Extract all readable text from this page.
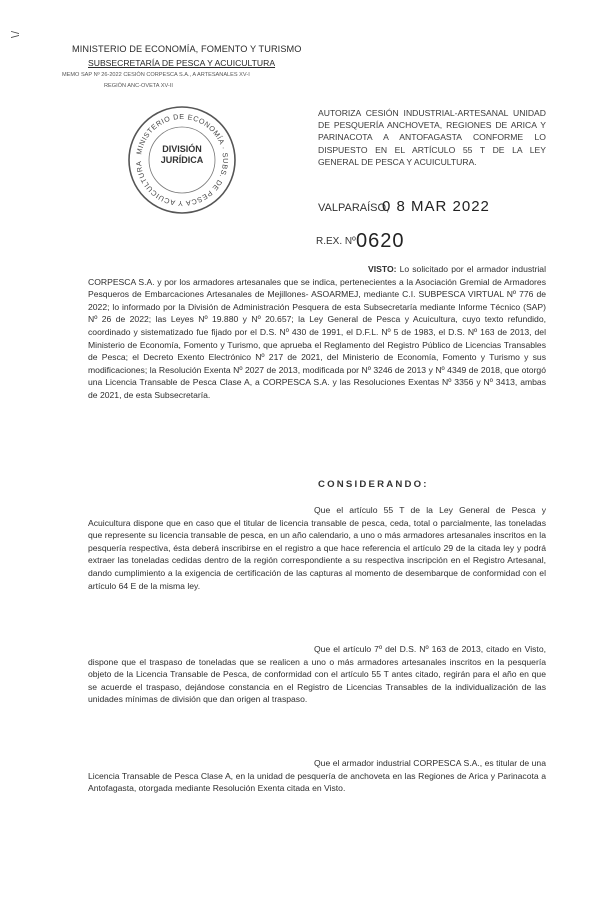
\/
MINISTERIO DE ECONOMÍA, FOMENTO Y TURISMO
SUBSECRETARÍA DE PESCA Y ACUICULTURA
MEMO SAP Nº 26-2022 CESIÓN CORPESCA S.A., A ARTESANALES XV-I
REGIÓN ANC-OVETA XV-II
MINISTERIO DE ECONOMÍA · SUBS. DE PESCA Y ACUICULTURA
DIVISIÓN
JURÍDICA
AUTORIZA CESIÓN INDUSTRIAL-ARTESANAL UNIDAD DE PESQUERÍA ANCHOVETA, REGIONES DE ARICA Y PARINACOTA A ANTOFAGASTA CONFORME LO DISPUESTO EN EL ARTÍCULO 55 T DE LA LEY GENERAL DE PESCA Y ACUICULTURA.
VALPARAÍSO,
0 8 MAR 2022
R.EX. Nº 0620
VISTO: Lo solicitado por el armador industrial CORPESCA S.A. y por los armadores artesanales que se indica, pertenecientes a la Asociación Gremial de Armadores Pesqueros de Embarcaciones Artesanales de Mejillones- ASOARMEJ, mediante C.I. SUBPESCA VIRTUAL Nº 776 de 2022; lo informado por la División de Administración Pesquera de esta Subsecretaría mediante Informe Técnico (SAP) Nº 26 de 2022; las Leyes Nº 19.880 y Nº 20.657; la Ley General de Pesca y Acuicultura, cuyo texto refundido, coordinado y sistematizado fue fijado por el D.S. Nº 430 de 1991, el D.F.L. Nº 5 de 1983, el D.S. Nº 163 de 2013, del Ministerio de Economía, Fomento y Turismo, que aprueba el Reglamento del Registro Público de Licencias Transables de Pesca; el Decreto Exento Electrónico Nº 217 de 2021, del Ministerio de Economía, Fomento y Turismo y sus modificaciones; la Resolución Exenta Nº 2027 de 2013, modificada por Nº 3246 de 2013 y Nº 4349 de 2018, que otorgó una Licencia Transable de Pesca Clase A, a CORPESCA S.A. y las Resoluciones Exentas Nº 3356 y Nº 3413, ambas de 2021, de esta Subsecretaría.
CONSIDERANDO:
Que el artículo 55 T de la Ley General de Pesca y Acuicultura dispone que en caso que el titular de licencia transable de pesca, ceda, total o parcialmente, las toneladas que represente su licencia transable de pesca, en un año calendario, a uno o más armadores artesanales inscritos en la pesquería respectiva, ésta deberá inscribirse en el registro a que hace referencia el artículo 29 de la citada ley y podrá extraer las toneladas cedidas dentro de la región correspondiente a su respectiva inscripción en el Registro Artesanal, dando cumplimiento a la exigencia de certificación de las capturas al momento de desembarque de conformidad con el artículo 64 E de la misma ley.
Que el artículo 7º del D.S. Nº 163 de 2013, citado en Visto, dispone que el traspaso de toneladas que se realicen a uno o más armadores artesanales inscritos en la pesquería objeto de la Licencia Transable de Pesca, de conformidad con el artículo 55 T antes citado, regirán para el año en que se acuerde el traspaso, dejándose constancia en el Registro de Licencias Transables de la individualización de las unidades mínimas de división que dan origen al traspaso.
Que el armador industrial CORPESCA S.A., es titular de una Licencia Transable de Pesca Clase A, en la unidad de pesquería de anchoveta en las Regiones de Arica y Parinacota a Antofagasta, otorgada mediante Resolución Exenta citada en Visto.
